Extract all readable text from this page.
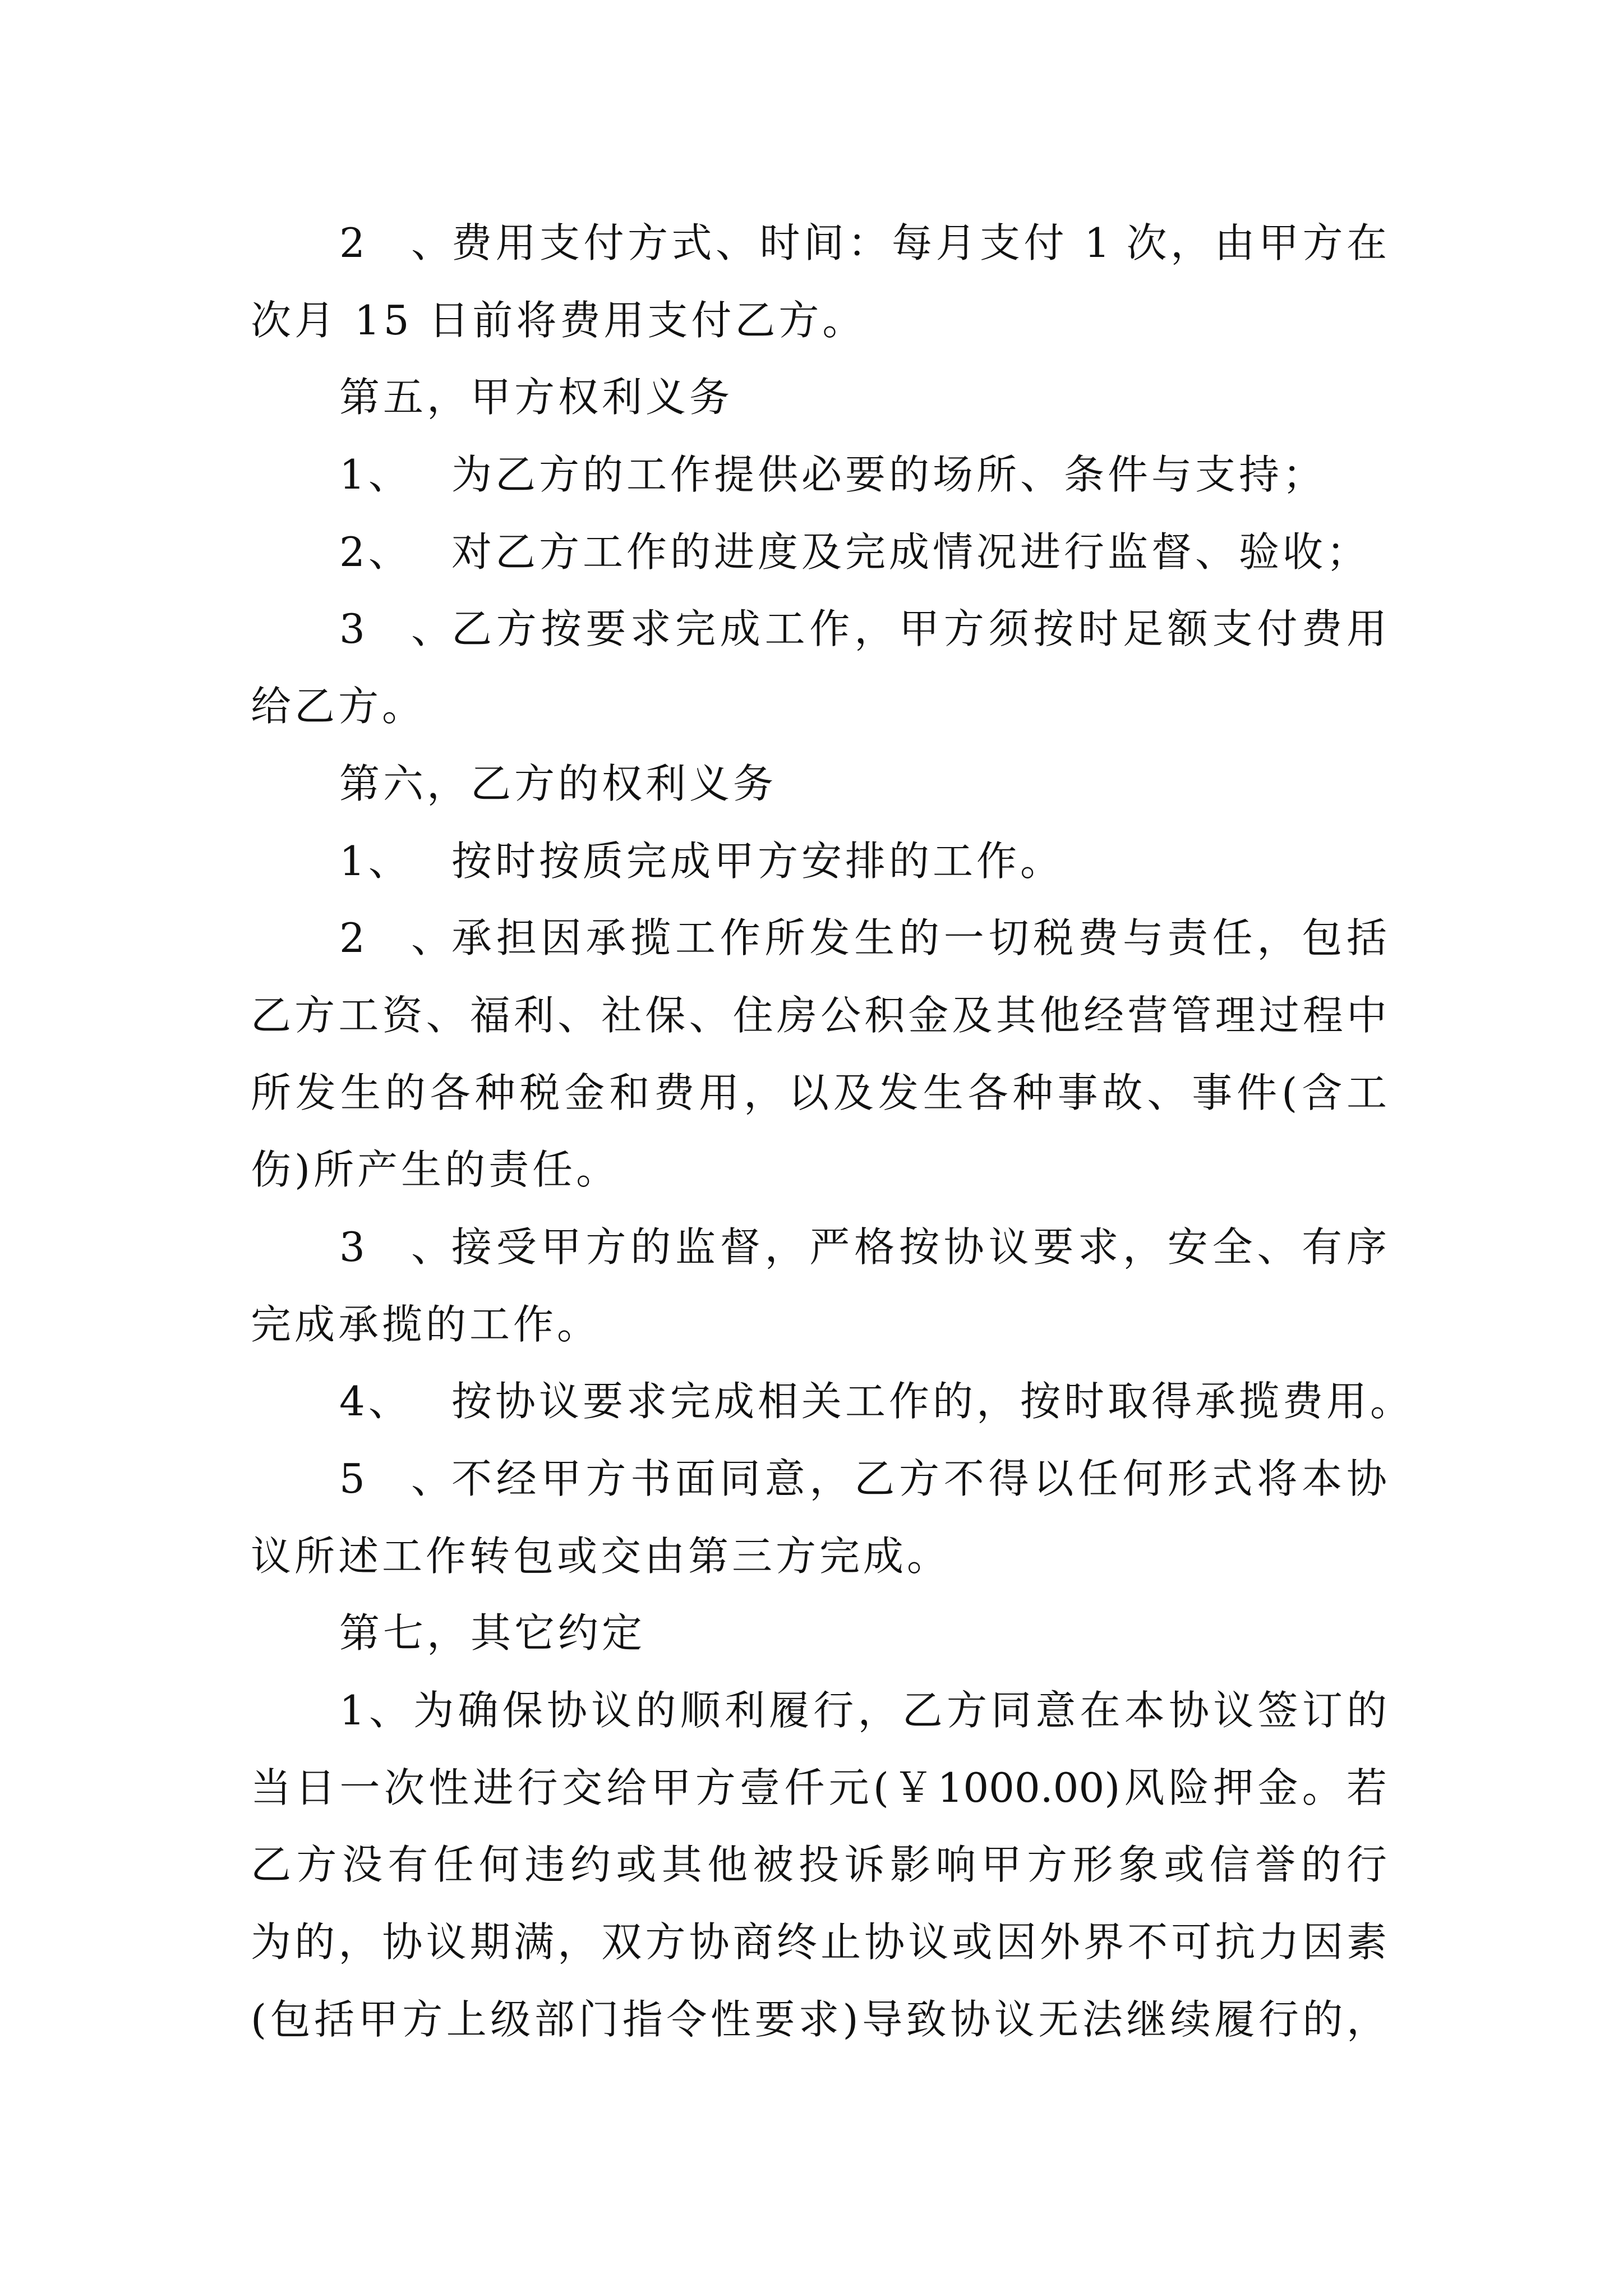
2、 费用支付方式、时间：每月支付 1 次，由甲方在
次月 15 日前将费用支付乙方。
第五，甲方权利义务
1、 为乙方的工作提供必要的场所、条件与支持；
2、 对乙方工作的进度及完成情况进行监督、验收；
3、 乙方按要求完成工作，甲方须按时足额支付费用
给乙方。
第六，乙方的权利义务
1、 按时按质完成甲方安排的工作。
2、 承担因承揽工作所发生的一切税费与责任，包括
乙方工资、福利、社保、住房公积金及其他经营管理过程中
所发生的各种税金和费用，以及发生各种事故、事件(含工
伤)所产生的责任。
3、 接受甲方的监督，严格按协议要求，安全、有序
完成承揽的工作。
4、 按协议要求完成相关工作的，按时取得承揽费用。
5、 不经甲方书面同意，乙方不得以任何形式将本协
议所述工作转包或交由第三方完成。
第七，其它约定
1、为确保协议的顺利履行，乙方同意在本协议签订的
当日一次性进行交给甲方壹仟元(￥1000.00)风险押金。若
乙方没有任何违约或其他被投诉影响甲方形象或信誉的行
为的，协议期满，双方协商终止协议或因外界不可抗力因素
(包括甲方上级部门指令性要求)导致协议无法继续履行的，
